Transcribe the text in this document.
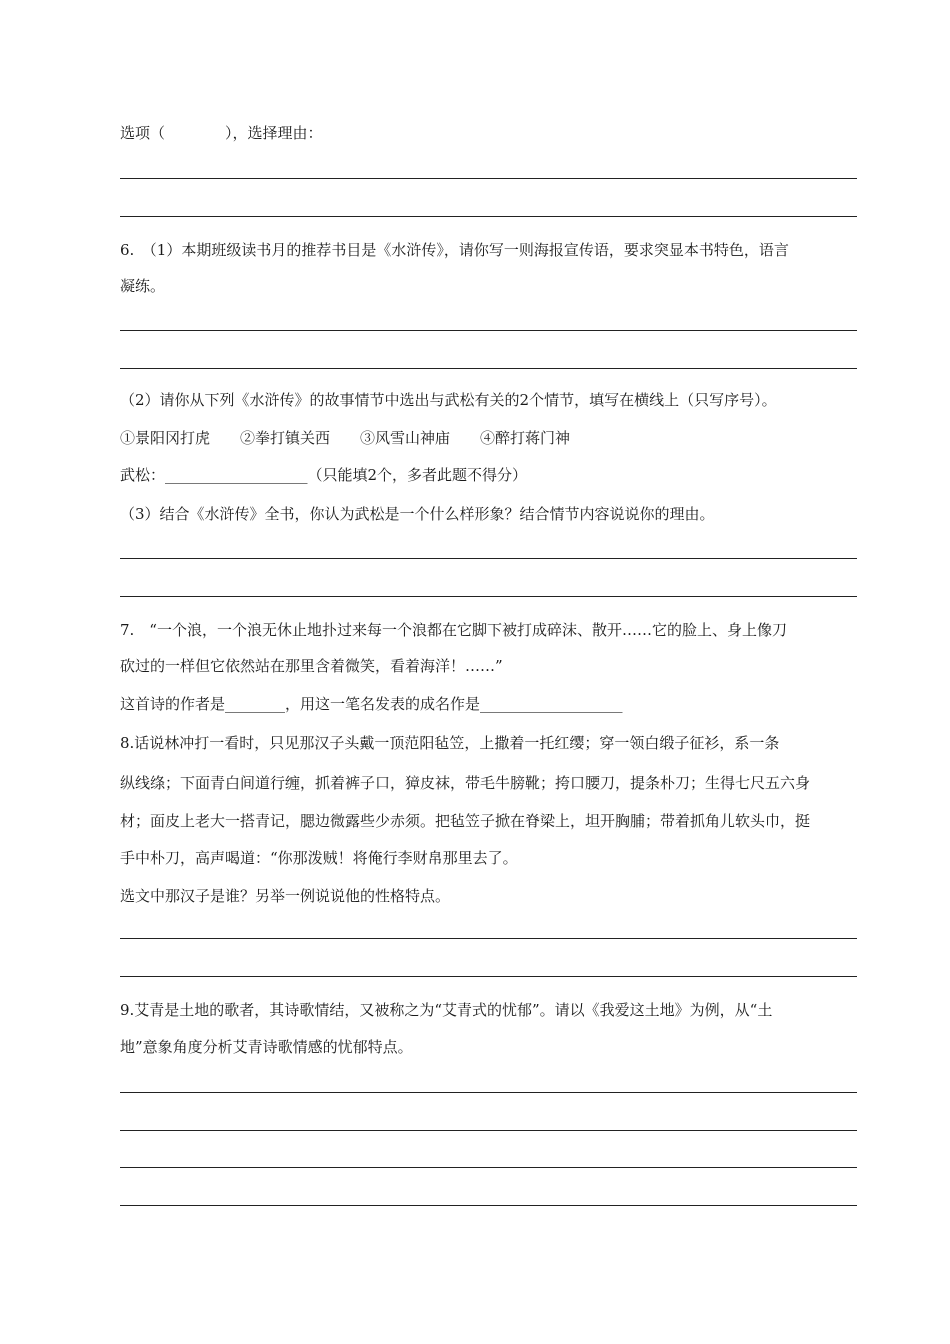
选项（　　　　），选择理由：
6.　（1）本期班级读书月的推荐书目是《水浒传》，请你写一则海报宣传语，要求突显本书特色，语言
凝练。
（2）请你从下列《水浒传》的故事情节中选出与武松有关的2个情节，填写在横线上（只写序号）。
①景阳冈打虎　　②拳打镇关西　　③风雪山神庙　　④醉打蒋门神
武松：___________________（只能填2个，多者此题不得分）
（3）结合《水浒传》全书，你认为武松是一个什么样形象？结合情节内容说说你的理由。
7.　“一个浪，一个浪无休止地扑过来每一个浪都在它脚下被打成碎沫、散开……它的脸上、身上像刀
砍过的一样但它依然站在那里含着微笑，看着海洋！……”
这首诗的作者是________，用这一笔名发表的成名作是___________________
8.话说林冲打一看时，只见那汉子头戴一顶范阳毡笠，上撒着一托红缨；穿一领白缎子征衫，系一条
纵线绦；下面青白间道行缠，抓着裤子口，獐皮袜，带毛牛膀靴；挎口腰刀，提条朴刀；生得七尺五六身
材；面皮上老大一搭青记，腮边微露些少赤须。把毡笠子掀在脊梁上，坦开胸脯；带着抓角儿软头巾，挺
手中朴刀，高声喝道：“你那泼贼！将俺行李财帛那里去了。
选文中那汉子是谁？另举一例说说他的性格特点。
9.艾青是土地的歌者，其诗歌情结，又被称之为“艾青式的忧郁”。请以《我爱这土地》为例，从“土
地”意象角度分析艾青诗歌情感的忧郁特点。
